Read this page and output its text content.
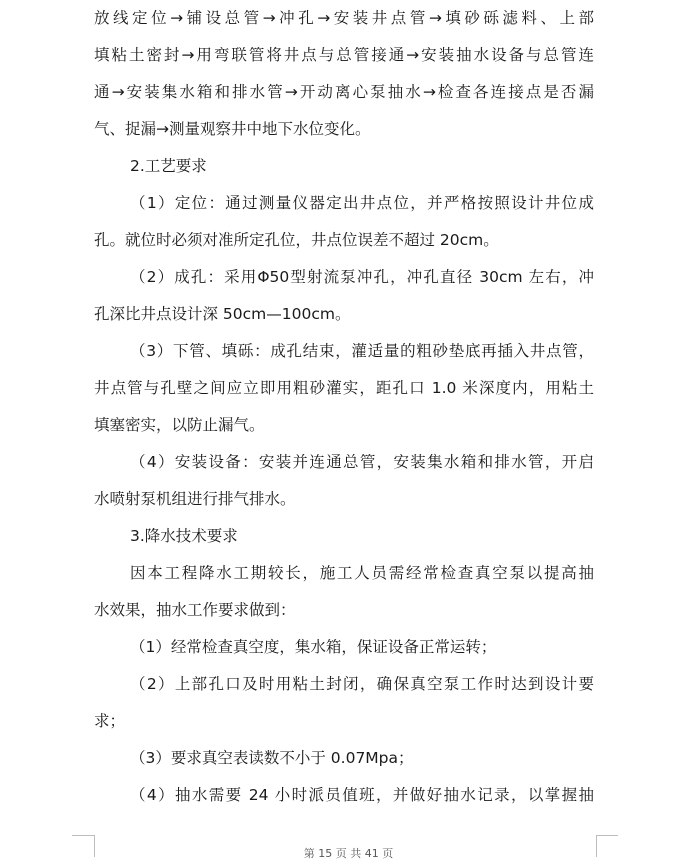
放线定位→铺设总管→冲孔→安装井点管→填砂砾滤料、上部
填粘土密封→用弯联管将井点与总管接通→安装抽水设备与总管连
通→安装集水箱和排水管→开动离心泵抽水→检查各连接点是否漏
气、捉漏→测量观察井中地下水位变化。
2.工艺要求
（1）定位：通过测量仪器定出井点位，并严格按照设计井位成
孔。就位时必须对准所定孔位，井点位误差不超过 20cm。
（2）成孔：采用Φ50型射流泵冲孔，冲孔直径 30cm 左右，冲
孔深比井点设计深 50cm—100cm。
（3）下管、填砾：成孔结束，灌适量的粗砂垫底再插入井点管，
井点管与孔壁之间应立即用粗砂灌实，距孔口 1.0 米深度内，用粘土
填塞密实，以防止漏气。
（4）安装设备：安装并连通总管，安装集水箱和排水管，开启
水喷射泵机组进行排气排水。
3.降水技术要求
因本工程降水工期较长，施工人员需经常检查真空泵以提高抽
水效果，抽水工作要求做到：
（1）经常检查真空度，集水箱，保证设备正常运转；
（2）上部孔口及时用粘土封闭，确保真空泵工作时达到设计要
求；
（3）要求真空表读数不小于 0.07Mpa；
（4）抽水需要 24 小时派员值班，并做好抽水记录，以掌握抽
第 15 页 共 41 页
